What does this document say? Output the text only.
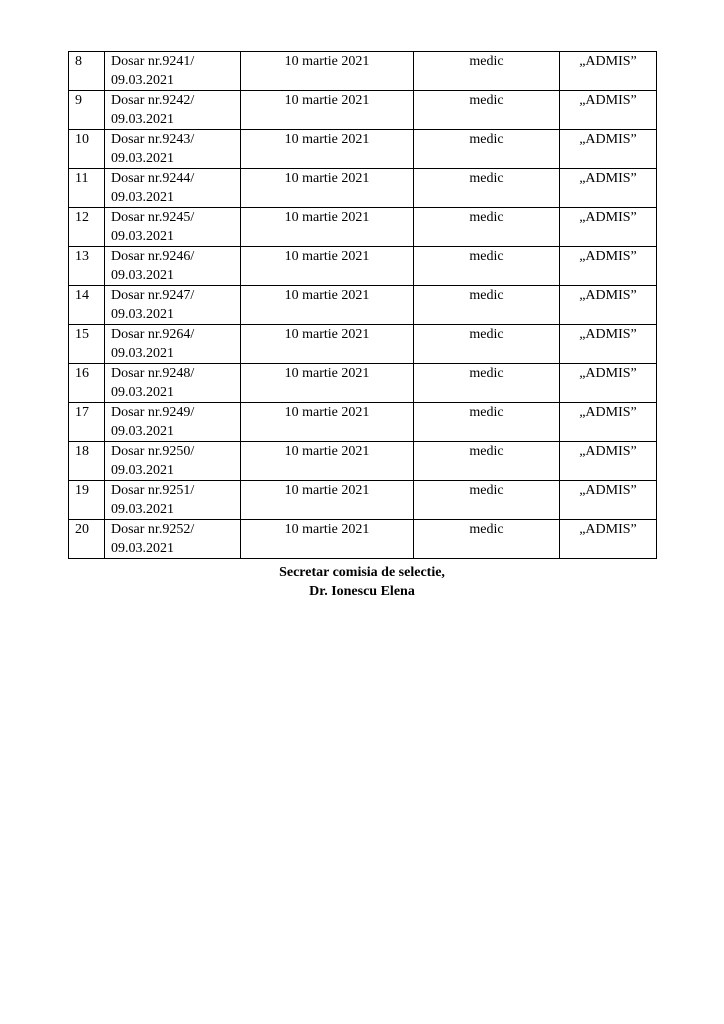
8	Dosar nr.9241/
09.03.2021	10 martie 2021	medic	„ADMIS”
9	Dosar nr.9242/
09.03.2021	10 martie 2021	medic	„ADMIS”
10	Dosar nr.9243/
09.03.2021	10 martie 2021	medic	„ADMIS”
11	Dosar nr.9244/
09.03.2021	10 martie 2021	medic	„ADMIS”
12	Dosar nr.9245/
09.03.2021	10 martie 2021	medic	„ADMIS”
13	Dosar nr.9246/
09.03.2021	10 martie 2021	medic	„ADMIS”
14	Dosar nr.9247/
09.03.2021	10 martie 2021	medic	„ADMIS”
15	Dosar nr.9264/
09.03.2021	10 martie 2021	medic	„ADMIS”
16	Dosar nr.9248/
09.03.2021	10 martie 2021	medic	„ADMIS”
17	Dosar nr.9249/
09.03.2021	10 martie 2021	medic	„ADMIS”
18	Dosar nr.9250/
09.03.2021	10 martie 2021	medic	„ADMIS”
19	Dosar nr.9251/
09.03.2021	10 martie 2021	medic	„ADMIS”
20	Dosar nr.9252/
09.03.2021	10 martie 2021	medic	„ADMIS”
Secretar comisia de selectie,
Dr. Ionescu Elena
